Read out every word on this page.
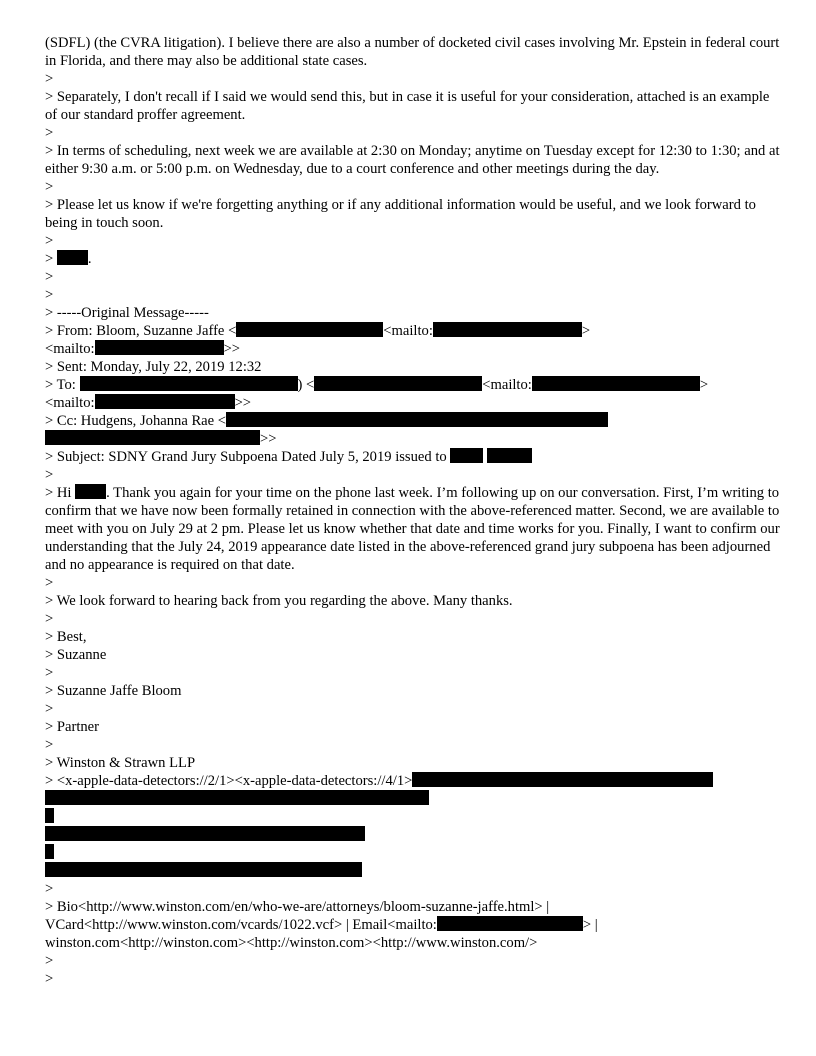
(SDFL) (the CVRA litigation). I believe there are also a number of docketed civil cases involving Mr. Epstein in federal court in Florida, and there may also be additional state cases.
>
> Separately, I don't recall if I said we would send this, but in case it is useful for your consideration, attached is an example of our standard proffer agreement.
>
> In terms of scheduling, next week we are available at 2:30 on Monday; anytime on Tuesday except for 12:30 to 1:30; and at either 9:30 a.m. or 5:00 p.m. on Wednesday, due to a court conference and other meetings during the day.
>
> Please let us know if we're forgetting anything or if any additional information would be useful, and we look forward to being in touch soon.
>
> .
>
>
> -----Original Message-----
> From: Bloom, Suzanne Jaffe <	<mailto:	>
<mailto:	>>
> Sent: Monday, July 22, 2019 12:32
> To:	) <	<mailto:	>
<mailto:	>>
> Cc: Hudgens, Johanna Rae <
>>
> Subject: SDNY Grand Jury Subpoena Dated July 5, 2019 issued to
>
> Hi . Thank you again for your time on the phone last week. I’m following up on our conversation. First, I’m writing to confirm that we have now been formally retained in connection with the above-referenced matter. Second, we are available to meet with you on July 29 at 2 pm. Please let us know whether that date and time works for you. Finally, I want to confirm our understanding that the July 24, 2019 appearance date listed in the above-referenced grand jury subpoena has been adjourned and no appearance is required on that date.
>
> We look forward to hearing back from you regarding the above. Many thanks.
>
> Best,
> Suzanne
>
> Suzanne Jaffe Bloom
>
> Partner
>
> Winston & Strawn LLP
> <x-apple-data-detectors://2/1><x-apple-data-detectors://4/1>
>
> Bio<http://www.winston.com/en/who-we-are/attorneys/bloom-suzanne-jaffe.html> | VCard<http://www.winston.com/vcards/1022.vcf> | Email<mailto:	> | winston.com<http://winston.com><http://winston.com><http://www.winston.com/>
>
>
